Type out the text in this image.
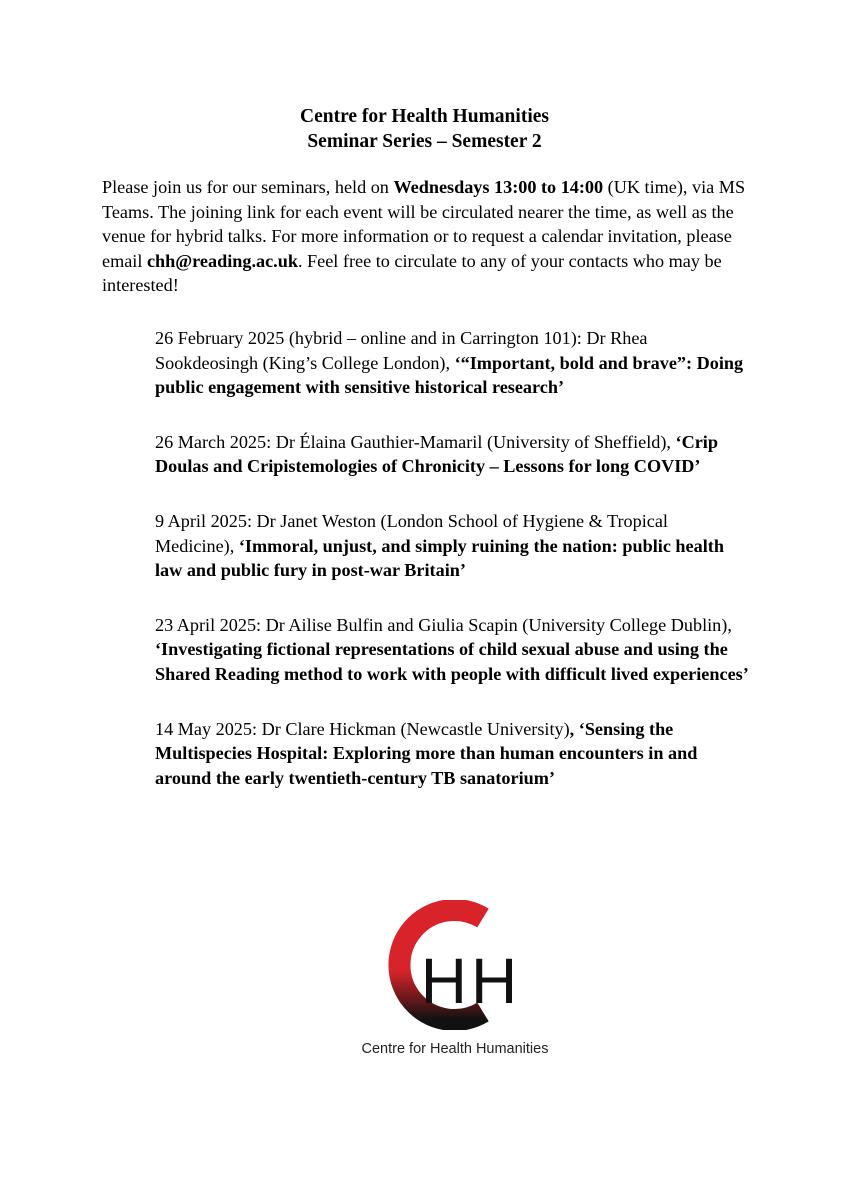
Centre for Health Humanities
Seminar Series – Semester 2

Please join us for our seminars, held on Wednesdays 13:00 to 14:00 (UK time), via MS Teams. The joining link for each event will be circulated nearer the time, as well as the venue for hybrid talks. For more information or to request a calendar invitation, please email chh@reading.ac.uk. Feel free to circulate to any of your contacts who may be interested!

26 February 2025 (hybrid – online and in Carrington 101): Dr Rhea Sookdeosingh (King’s College London), ‘“Important, bold and brave”: Doing public engagement with sensitive historical research’

26 March 2025: Dr Élaina Gauthier-Mamaril (University of Sheffield), ‘Crip Doulas and Cripistemologies of Chronicity – Lessons for long COVID’

9 April 2025: Dr Janet Weston (London School of Hygiene & Tropical Medicine), ‘Immoral, unjust, and simply ruining the nation: public health law and public fury in post-war Britain’

23 April 2025: Dr Ailise Bulfin and Giulia Scapin (University College Dublin), ‘Investigating fictional representations of child sexual abuse and using the Shared Reading method to work with people with difficult lived experiences’

14 May 2025: Dr Clare Hickman (Newcastle University), ‘Sensing the Multispecies Hospital: Exploring more than human encounters in and around the early twentieth-century TB sanatorium’

HH
Centre for Health Humanities
